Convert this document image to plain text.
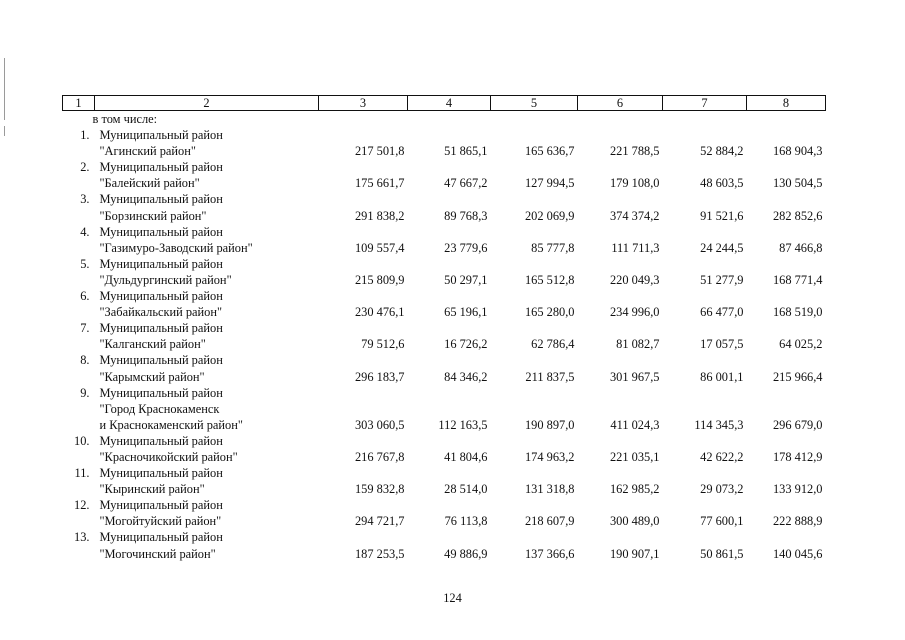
1	2	3	4	5	6	7	8
в том числе:							
1.	Муниципальный район
"Агинский район"	217 501,8	51 865,1	165 636,7	221 788,5	52 884,2	168 904,3
2.	Муниципальный район
"Балейский район"	175 661,7	47 667,2	127 994,5	179 108,0	48 603,5	130 504,5
3.	Муниципальный район
"Борзинский район"	291 838,2	89 768,3	202 069,9	374 374,2	91 521,6	282 852,6
4.	Муниципальный район
"Газимуро-Заводский район"	109 557,4	23 779,6	85 777,8	111 711,3	24 244,5	87 466,8
5.	Муниципальный район
"Дульдургинский район"	215 809,9	50 297,1	165 512,8	220 049,3	51 277,9	168 771,4
6.	Муниципальный район
"Забайкальский район"	230 476,1	65 196,1	165 280,0	234 996,0	66 477,0	168 519,0
7.	Муниципальный район
"Калганский район"	79 512,6	16 726,2	62 786,4	81 082,7	17 057,5	64 025,2
8.	Муниципальный район
"Карымский район"	296 183,7	84 346,2	211 837,5	301 967,5	86 001,1	215 966,4
9.	Муниципальный район
"Город Краснокаменск
и Краснокаменский район"	303 060,5	112 163,5	190 897,0	411 024,3	114 345,3	296 679,0
10.	Муниципальный район
"Красночикойский район"	216 767,8	41 804,6	174 963,2	221 035,1	42 622,2	178 412,9
11.	Муниципальный район
"Кыринский район"	159 832,8	28 514,0	131 318,8	162 985,2	29 073,2	133 912,0
12.	Муниципальный район
"Могойтуйский район"	294 721,7	76 113,8	218 607,9	300 489,0	77 600,1	222 888,9
13.	Муниципальный район
"Могочинский район"	187 253,5	49 886,9	137 366,6	190 907,1	50 861,5	140 045,6
124
